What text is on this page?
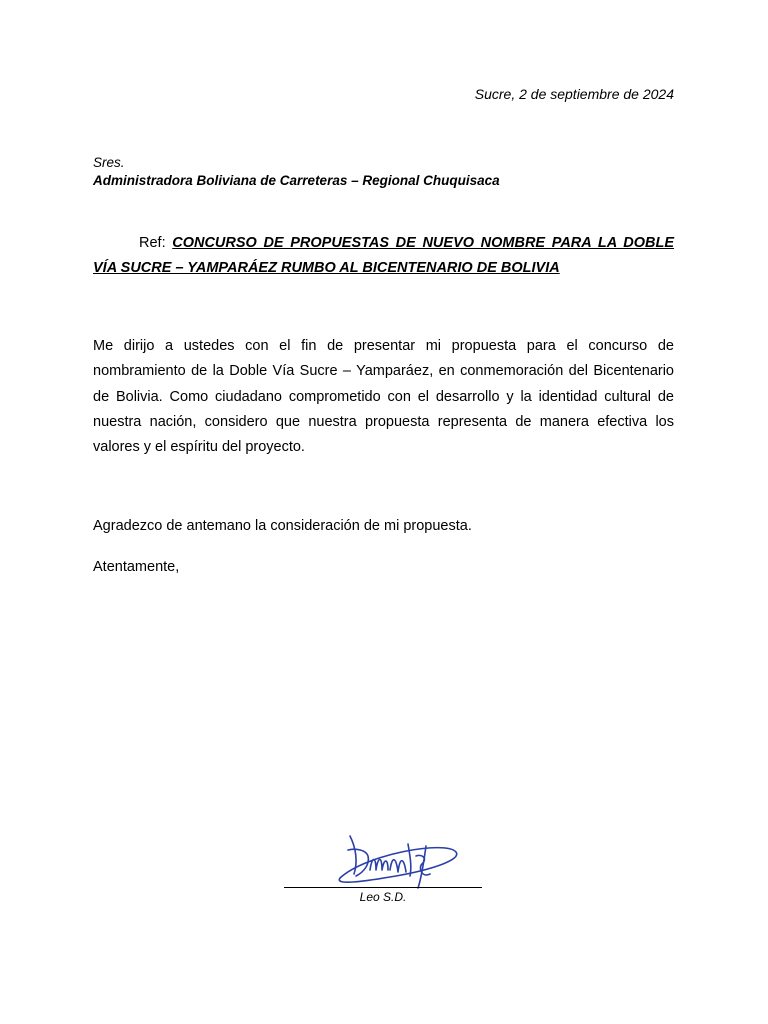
Sucre, 2 de septiembre de 2024
Sres.
Administradora Boliviana de Carreteras – Regional Chuquisaca
Ref: CONCURSO DE PROPUESTAS DE NUEVO NOMBRE PARA LA DOBLE VÍA SUCRE – YAMPARÁEZ RUMBO AL BICENTENARIO DE BOLIVIA
Me dirijo a ustedes con el fin de presentar mi propuesta para el concurso de nombramiento de la Doble Vía Sucre – Yamparáez, en conmemoración del Bicentenario de Bolivia. Como ciudadano comprometido con el desarrollo y la identidad cultural de nuestra nación, considero que nuestra propuesta representa de manera efectiva los valores y el espíritu del proyecto.
Agradezco de antemano la consideración de mi propuesta.
Atentamente,
Leo S.D.
